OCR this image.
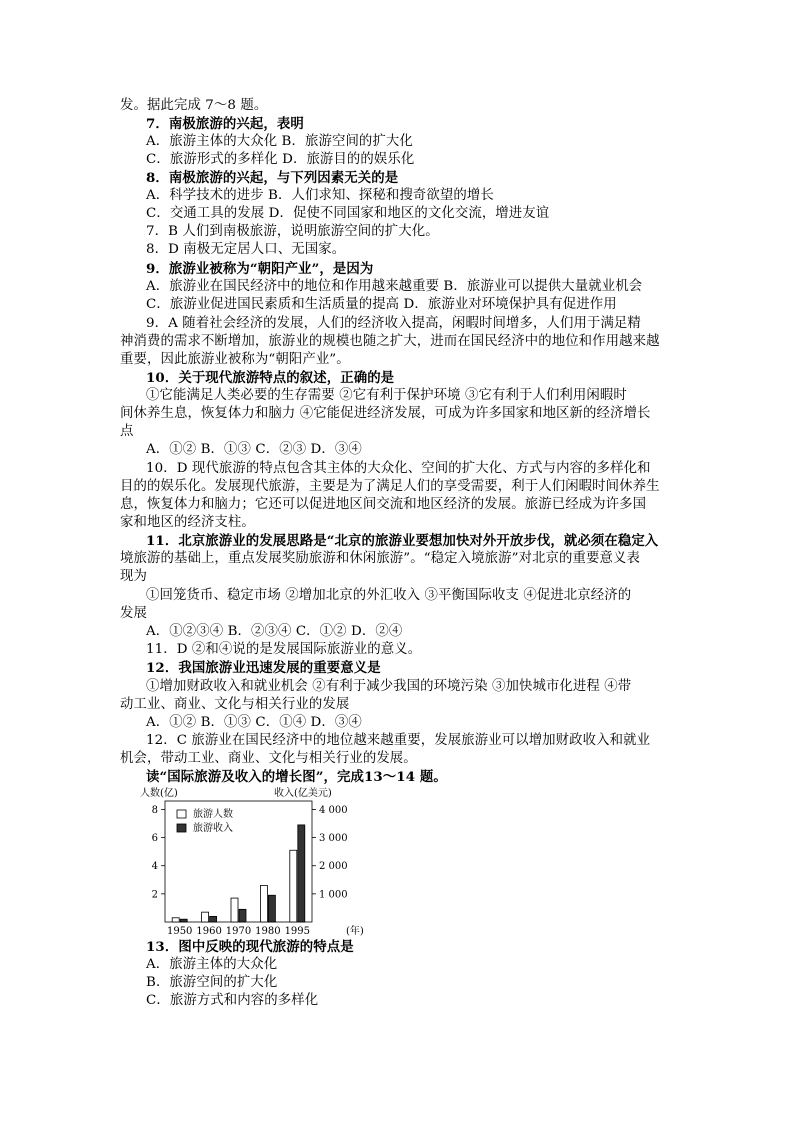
发。据此完成 7～8 题。
7．南极旅游的兴起，表明
A．旅游主体的大众化 B．旅游空间的扩大化
C．旅游形式的多样化 D．旅游目的的娱乐化
8．南极旅游的兴起，与下列因素无关的是
A．科学技术的进步 B．人们求知、探秘和搜奇欲望的增长
C．交通工具的发展 D．促使不同国家和地区的文化交流，增进友谊
7．B 人们到南极旅游，说明旅游空间的扩大化。
8．D 南极无定居人口、无国家。
9．旅游业被称为“朝阳产业”，是因为
A．旅游业在国民经济中的地位和作用越来越重要 B．旅游业可以提供大量就业机会
C．旅游业促进国民素质和生活质量的提高 D．旅游业对环境保护具有促进作用
9．A 随着社会经济的发展，人们的经济收入提高，闲暇时间增多，人们用于满足精
神消费的需求不断增加，旅游业的规模也随之扩大，进而在国民经济中的地位和作用越来越
重要，因此旅游业被称为“朝阳产业”。
10．关于现代旅游特点的叙述，正确的是
①它能满足人类必要的生存需要 ②它有利于保护环境 ③它有利于人们利用闲暇时
间休养生息，恢复体力和脑力 ④它能促进经济发展，可成为许多国家和地区新的经济增长
点
A．①② B．①③ C．②③ D．③④
10．D 现代旅游的特点包含其主体的大众化、空间的扩大化、方式与内容的多样化和
目的的娱乐化。发展现代旅游，主要是为了满足人们的享受需要，利于人们闲暇时间休养生
息，恢复体力和脑力；它还可以促进地区间交流和地区经济的发展。旅游已经成为许多国
家和地区的经济支柱。
11．北京旅游业的发展思路是“北京的旅游业要想加快对外开放步伐，就必须在稳定入
境旅游的基础上，重点发展奖励旅游和休闲旅游”。“稳定入境旅游”对北京的重要意义表
现为
①回笼货币、稳定市场 ②增加北京的外汇收入 ③平衡国际收支 ④促进北京经济的
发展
A．①②③④ B．②③④ C．①② D．②④
11．D ②和④说的是发展国际旅游业的意义。
12．我国旅游业迅速发展的重要意义是
①增加财政收入和就业机会 ②有利于减少我国的环境污染 ③加快城市化进程 ④带
动工业、商业、文化与相关行业的发展
A．①② B．①③ C．①④ D．③④
12．C 旅游业在国民经济中的地位越来越重要，发展旅游业可以增加财政收入和就业
机会，带动工业、商业、文化与相关行业的发展。
读“国际旅游及收入的增长图”，完成13～14 题。
人数(亿)	收入(亿美元)
旅游人数
旅游收入
2
4
6
8
1 000
2 000
3 000
4 000
1950 1960 1970 1980 1995	(年)
13．图中反映的现代旅游的特点是
A．旅游主体的大众化
B．旅游空间的扩大化
C．旅游方式和内容的多样化
